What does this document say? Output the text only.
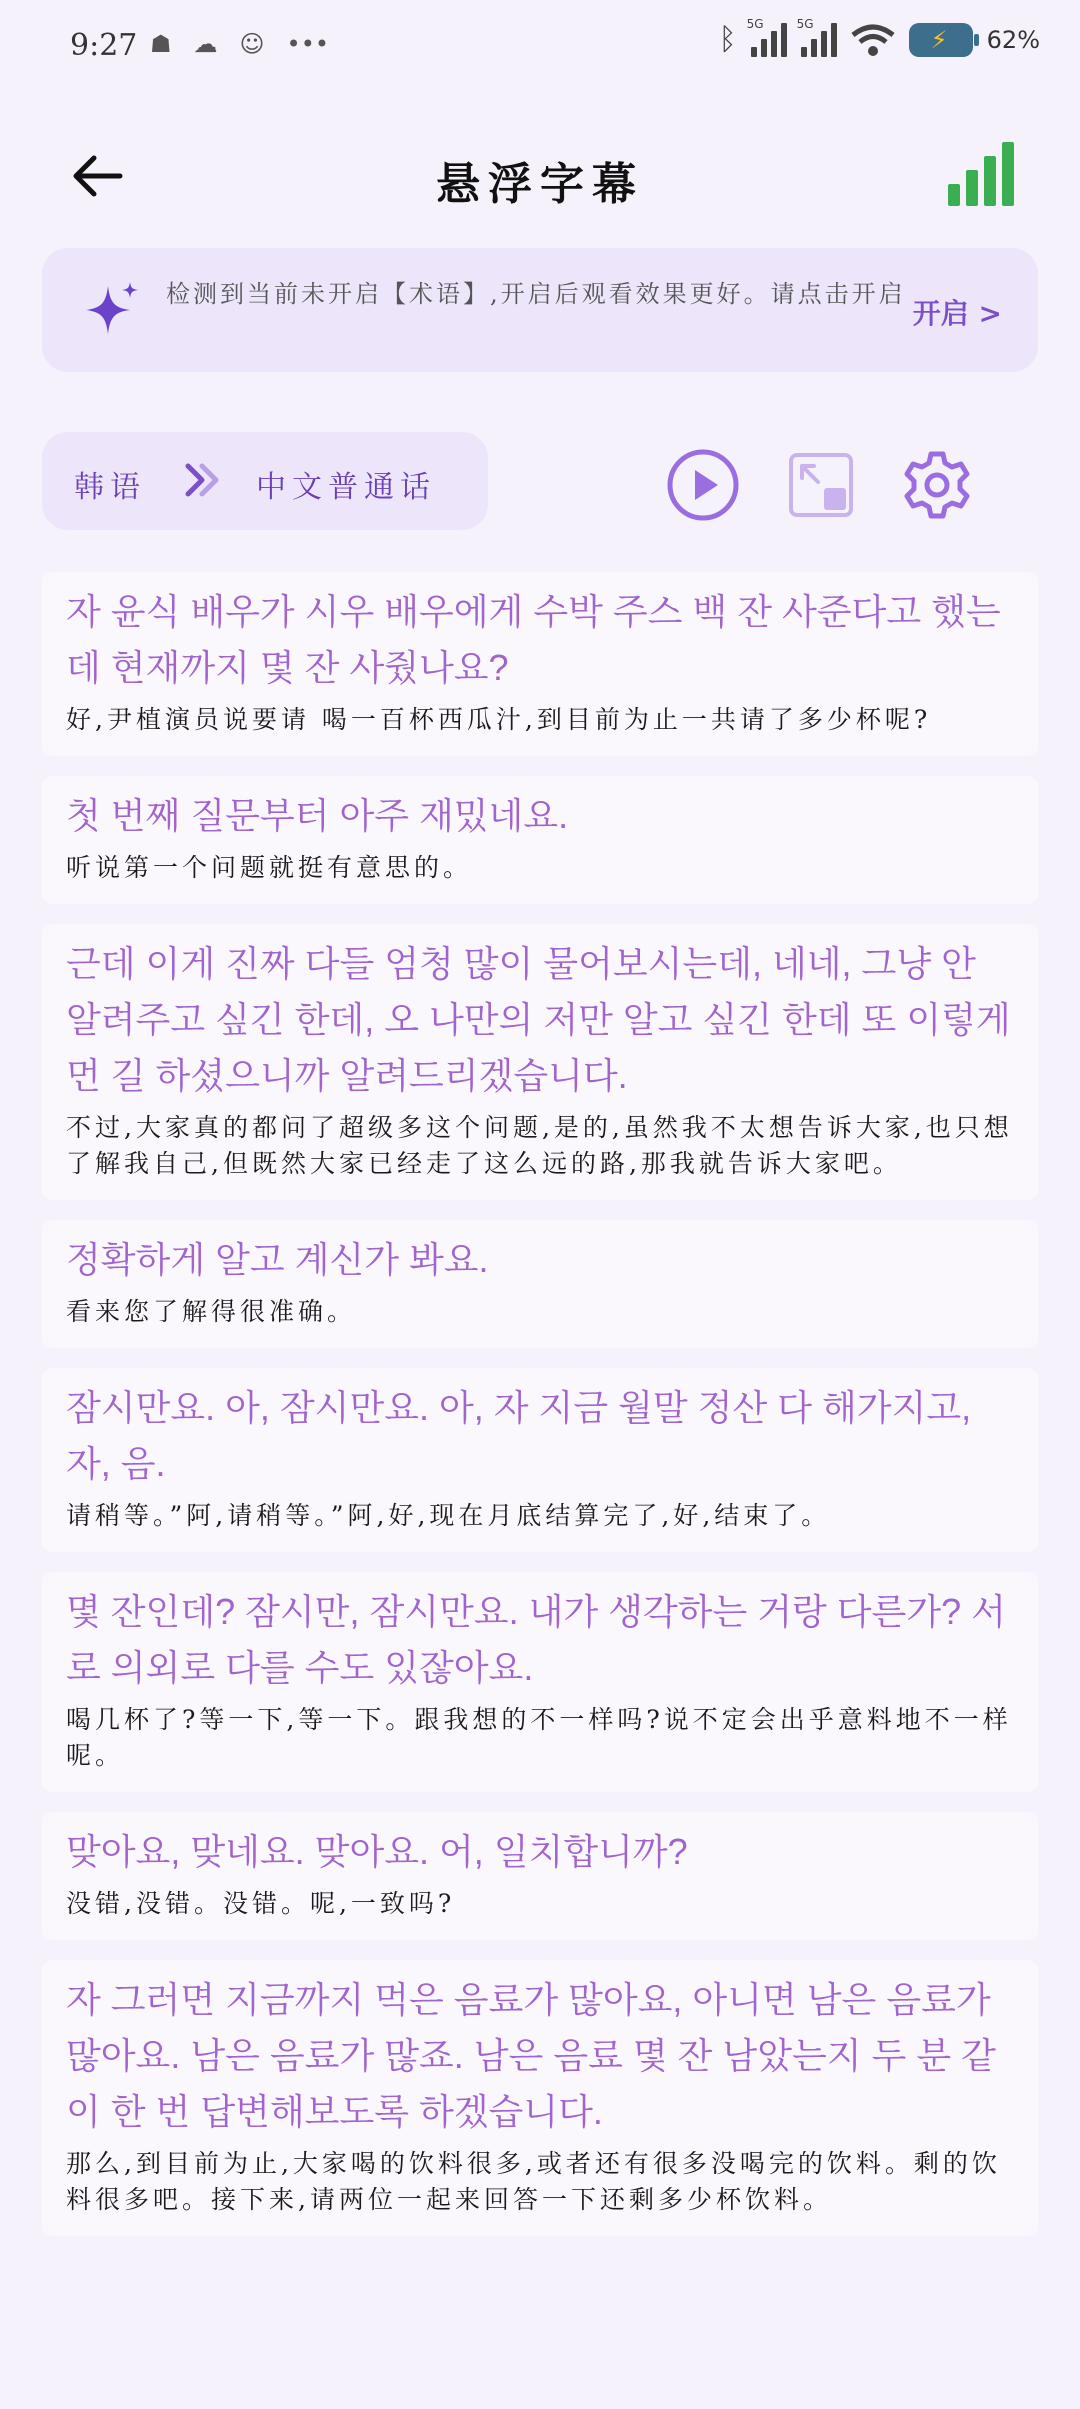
9:27 ☗ ☁ ☺ •••	ᛒ 5G	5G
⚡ 62%
悬浮字幕
检测到当前未开启【术语】,开启后观看效果更好。请点击开启
开启 >
韩语	中文普通话
자 윤식 배우가 시우 배우에게 수박 주스 백 잔 사준다고 했는데 현재까지 몇 잔 사줬나요?
好,尹植演员说要请 喝一百杯西瓜汁,到目前为止一共请了多少杯呢?
첫 번째 질문부터 아주 재밌네요.
听说第一个问题就挺有意思的。
근데 이게 진짜 다들 엄청 많이 물어보시는데, 네네, 그냥 안 알려주고 싶긴 한데, 오 나만의 저만 알고 싶긴 한데 또 이렇게 먼 길 하셨으니까 알려드리겠습니다.
不过,大家真的都问了超级多这个问题,是的,虽然我不太想告诉大家,也只想了解我自己,但既然大家已经走了这么远的路,那我就告诉大家吧。
정확하게 알고 계신가 봐요.
看来您了解得很准确。
잠시만요. 아, 잠시만요. 아, 자 지금 월말 정산 다 해가지고, 자, 음.
请稍等。”阿,请稍等。”阿,好,现在月底结算完了,好,结束了。
몇 잔인데? 잠시만, 잠시만요. 내가 생각하는 거랑 다른가? 서로 의외로 다를 수도 있잖아요.
喝几杯了?等一下,等一下。跟我想的不一样吗?说不定会出乎意料地不一样呢。
맞아요, 맞네요. 맞아요. 어, 일치합니까?
没错,没错。没错。呢,一致吗?
자 그러면 지금까지 먹은 음료가 많아요, 아니면 남은 음료가 많아요. 남은 음료가 많죠. 남은 음료 몇 잔 남았는지 두 분 같이 한 번 답변해보도록 하겠습니다.
那么,到目前为止,大家喝的饮料很多,或者还有很多没喝完的饮料。剩的饮料很多吧。接下来,请两位一起来回答一下还剩多少杯饮料。
